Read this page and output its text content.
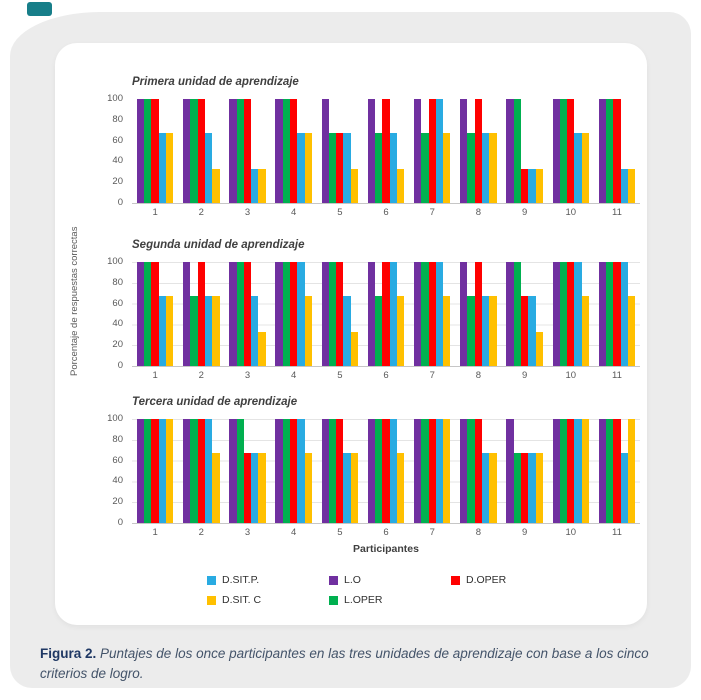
Porcentaje de respuestas correctas
Primera unidad de aprendizaje
100
80
60
40
20
0
1	2	3	4	5	6	7	8	9	10	11
Segunda unidad de aprendizaje
100
80
60
40
20
0
1	2	3	4	5	6	7	8	9	10	11
Tercera unidad de aprendizaje
100
80
60
40
20
0
1	2	3	4	5	6	7	8	9	10	11
Participantes
D.SIT.P.	L.O	D.OPER
D.SIT. C	L.OPER

Figura 2. Puntajes de los once participantes en las tres unidades de aprendizaje con base a los cinco criterios de logro.
